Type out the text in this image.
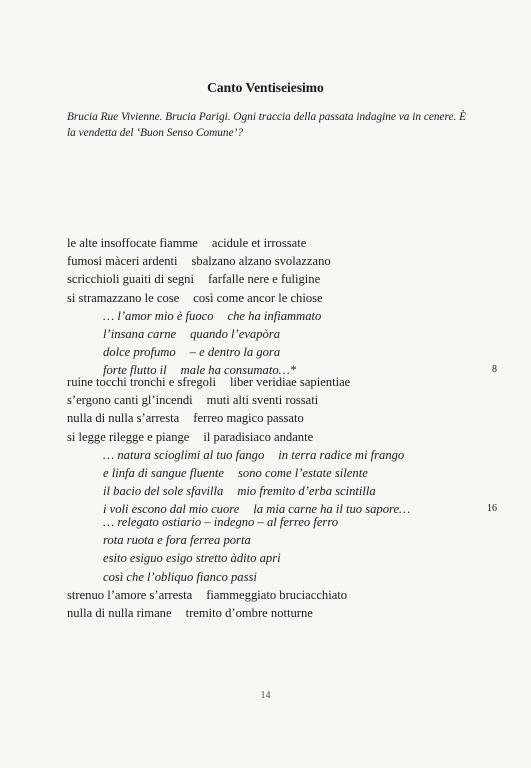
Canto Ventiseiesimo
Brucia Rue Vivienne. Brucia Parigi. Ogni traccia della passata indagine va in cenere. È la vendetta del ‘Buon Senso Comune’?
le alte insoffocate fiamme acidule et irrossate
fumosi màceri ardenti sbalzano alzano svolazzano
scricchioli guaiti di segni farfalle nere e fuligine
si stramazzano le cose così come ancor le chiose
… l’amor mio è fuoco che ha infiammato
l’insana carne quando l’evapòra
dolce profumo – e dentro la gora
forte flutto il male ha consumato…*	8
ruine tocchi tronchi e sfregoli liber veridiae sapientiae
s’ergono canti gl’incendi muti alti sventi rossati
nulla di nulla s’arresta ferreo magico passato
si legge rilegge e piange il paradisiaco andante
… natura scioglimi al tuo fango in terra radice mi frango
e linfa di sangue fluente sono come l’estate silente
il bacio del sole sfavilla mio fremito d’erba scintilla
i voli escono dal mio cuore la mia carne ha il tuo sapore…	16
… relegato ostiario – indegno – al ferreo ferro
rota ruota e fora ferrea porta
esito esiguo esigo stretto àdito apri
così che l’obliquo fianco passi
strenuo l’amore s’arresta fiammeggiato bruciacchiato
nulla di nulla rimane tremito d’ombre notturne
14
